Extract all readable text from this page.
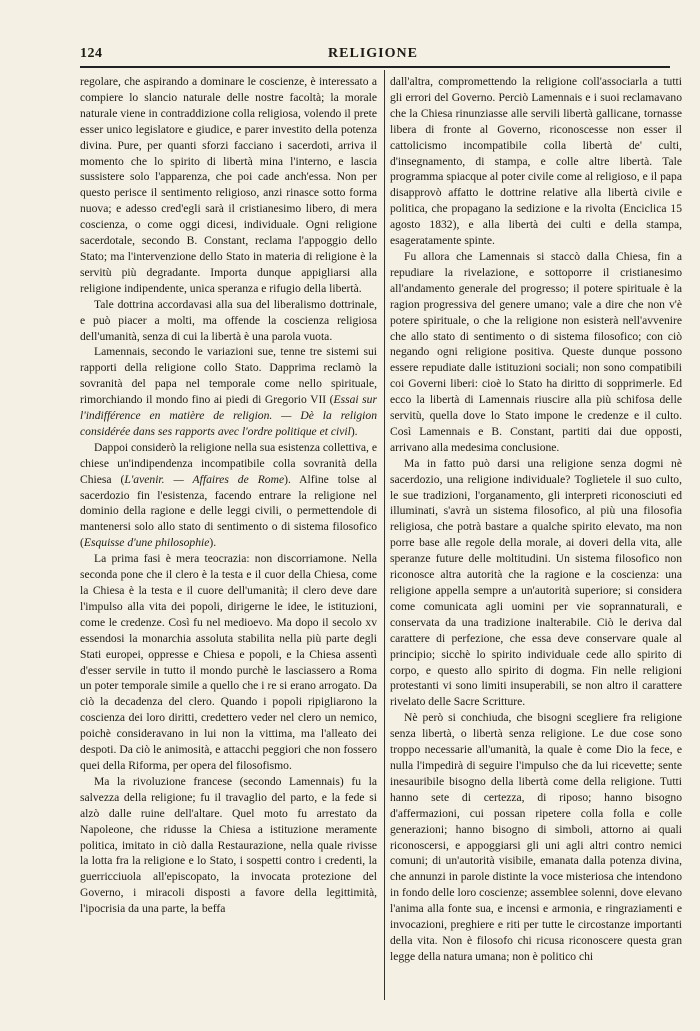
124	RELIGIONE

regolare, che aspirando a dominare le coscienze, è interessato a compiere lo slancio naturale delle nostre facoltà; la morale naturale viene in contraddizione colla religiosa, volendo il prete esser unico legislatore e giudice, e parer investito della potenza divina. Pure, per quanti sforzi facciano i sacerdoti, arriva il momento che lo spirito di libertà mina l'interno, e lascia sussistere solo l'apparenza, che poi cade anch'essa. Non per questo perisce il sentimento religioso, anzi rinasce sotto forma nuova; e adesso cred'egli sarà il cristianesimo libero, di mera coscienza, o come oggi dicesi, individuale. Ogni religione sacerdotale, secondo B. Constant, reclama l'appoggio dello Stato; ma l'intervenzione dello Stato in materia di religione è la servitù più degradante. Importa dunque appigliarsi alla religione indipendente, unica speranza e rifugio della libertà.

Tale dottrina accordavasi alla sua del liberalismo dottrinale, e può piacer a molti, ma offende la coscienza religiosa dell'umanità, senza di cui la libertà è una parola vuota.

Lamennais, secondo le variazioni sue, tenne tre sistemi sui rapporti della religione collo Stato. Dapprima reclamò la sovranità del papa nel temporale come nello spirituale, rimorchiando il mondo fino ai piedi di Gregorio VII (Essai sur l'indifférence en matière de religion. — Dè la religion considérée dans ses rapports avec l'ordre politique et civil).

Dappoi considerò la religione nella sua esistenza collettiva, e chiese un'indipendenza incompatibile colla sovranità della Chiesa (L'avenir. — Affaires de Rome). Alfine tolse al sacerdozio fin l'esistenza, facendo entrare la religione nel dominio della ragione e delle leggi civili, o permettendole di mantenersi solo allo stato di sentimento o di sistema filosofico (Esquisse d'une philosophie).

La prima fasi è mera teocrazia: non discorriamone. Nella seconda pone che il clero è la testa e il cuor della Chiesa, come la Chiesa è la testa e il cuore dell'umanità; il clero deve dare l'impulso alla vita dei popoli, dirigerne le idee, le istituzioni, come le credenze. Così fu nel medioevo. Ma dopo il secolo xv essendosi la monarchia assoluta stabilita nella più parte degli Stati europei, oppresse e Chiesa e popoli, e la Chiesa assentì d'esser servile in tutto il mondo purchè le lasciassero a Roma un poter temporale simile a quello che i re si erano arrogato. Da ciò la decadenza del clero. Quando i popoli ripigliarono la coscienza dei loro diritti, credettero veder nel clero un nemico, poichè consideravano in lui non la vittima, ma l'alleato dei despoti. Da ciò le animosità, e attacchi peggiori che non fossero quei della Riforma, per opera del filosofismo.

Ma la rivoluzione francese (secondo Lamennais) fu la salvezza della religione; fu il travaglio del parto, e la fede si alzò dalle ruine dell'altare. Quel moto fu arrestato da Napoleone, che ridusse la Chiesa a istituzione meramente politica, imitato in ciò dalla Restaurazione, nella quale rivisse la lotta fra la religione e lo Stato, i sospetti contro i credenti, la guerricciuola all'episcopato, la invocata protezione del Governo, i miracoli disposti a favore della legittimità, l'ipocrisia da una parte, la beffa

dall'altra, compromettendo la religione coll'associarla a tutti gli errori del Governo. Perciò Lamennais e i suoi reclamavano che la Chiesa rinunziasse alle servili libertà gallicane, tornasse libera di fronte al Governo, riconoscesse non esser il cattolicismo incompatibile colla libertà de' culti, d'insegnamento, di stampa, e colle altre libertà. Tale programma spiacque al poter civile come al religioso, e il papa disapprovò affatto le dottrine relative alla libertà civile e politica, che propagano la sedizione e la rivolta (Enciclica 15 agosto 1832), e alla libertà dei culti e della stampa, esageratamente spinte.

Fu allora che Lamennais si staccò dalla Chiesa, fin a repudiare la rivelazione, e sottoporre il cristianesimo all'andamento generale del progresso; il potere spirituale è la ragion progressiva del genere umano; vale a dire che non v'è potere spirituale, o che la religione non esisterà nell'avvenire che allo stato di sentimento o di sistema filosofico; con ciò negando ogni religione positiva. Queste dunque possono essere repudiate dalle istituzioni sociali; non sono compatibili coi Governi liberi: cioè lo Stato ha diritto di sopprimerle. Ed ecco la libertà di Lamennais riuscire alla più schifosa delle servitù, quella dove lo Stato impone le credenze e il culto. Così Lamennais e B. Constant, partiti dai due opposti, arrivano alla medesima conclusione.

Ma in fatto può darsi una religione senza dogmi nè sacerdozio, una religione individuale? Toglietele il suo culto, le sue tradizioni, l'organamento, gli interpreti riconosciuti ed illuminati, s'avrà un sistema filosofico, al più una filosofia religiosa, che potrà bastare a qualche spirito elevato, ma non porre base alle regole della morale, ai doveri della vita, alle speranze future delle moltitudini. Un sistema filosofico non riconosce altra autorità che la ragione e la coscienza: una religione appella sempre a un'autorità superiore; si considera come comunicata agli uomini per vie soprannaturali, e conservata da una tradizione inalterabile. Ciò le deriva dal carattere di perfezione, che essa deve conservare quale al principio; sicchè lo spirito individuale cede allo spirito di corpo, e questo allo spirito di dogma. Fin nelle religioni protestanti vi sono limiti insuperabili, se non altro il carattere rivelato delle Sacre Scritture.

Nè però si conchiuda, che bisogni scegliere fra religione senza libertà, o libertà senza religione. Le due cose sono troppo necessarie all'umanità, la quale è come Dio la fece, e nulla l'impedirà di seguire l'impulso che da lui ricevette; sente inesauribile bisogno della libertà come della religione. Tutti hanno sete di certezza, di riposo; hanno bisogno d'affermazioni, cui possan ripetere colla folla e colle generazioni; hanno bisogno di simboli, attorno ai quali riconoscersi, e appoggiarsi gli uni agli altri contro nemici comuni; di un'autorità visibile, emanata dalla potenza divina, che annunzi in parole distinte la voce misteriosa che intendono in fondo delle loro coscienze; assemblee solenni, dove elevano l'anima alla fonte sua, e incensi e armonia, e ringraziamenti e invocazioni, preghiere e riti per tutte le circostanze importanti della vita. Non è filosofo chi ricusa riconoscere questa gran legge della natura umana; non è politico chi
